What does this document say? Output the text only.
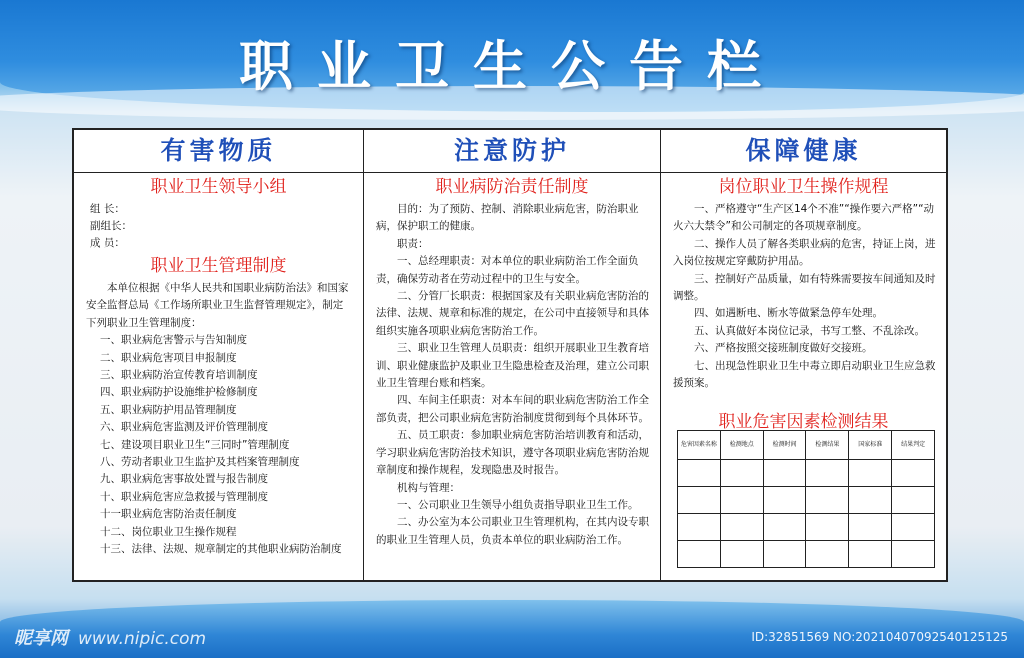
职业卫生公告栏
有害物质
职业卫生领导小组
组 长：
副组长：
成 员：
职业卫生管理制度

本单位根据《中华人民共和国职业病防治法》和国家安全监督总局《工作场所职业卫生监督管理规定》，制定下列职业卫生管理制度：

一、职业病危害警示与告知制度

二、职业病危害项目申报制度

三、职业病防治宣传教育培训制度

四、职业病防护设施维护检修制度

五、职业病防护用品管理制度

六、职业病危害监测及评价管理制度

七、建设项目职业卫生“三同时”管理制度

八、劳动者职业卫生监护及其档案管理制度

九、职业病危害事故处置与报告制度

十、职业病危害应急救援与管理制度

十一职业病危害防治责任制度

十二、岗位职业卫生操作规程

十三、法律、法规、规章制定的其他职业病防治制度

注意防护
职业病防治责任制度

目的：为了预防、控制、消除职业病危害，防治职业病，保护职工的健康。

职责：

一、总经理职责：对本单位的职业病防治工作全面负责，确保劳动者在劳动过程中的卫生与安全。

二、分管厂长职责：根据国家及有关职业病危害防治的法律、法规、规章和标准的规定，在公司中直接领导和具体组织实施各项职业病危害防治工作。

三、职业卫生管理人员职责：组织开展职业卫生教育培训、职业健康监护及职业卫生隐患检查及治理，建立公司职业卫生管理台账和档案。

四、车间主任职责：对本车间的职业病危害防治工作全部负责，把公司职业病危害防治制度贯彻到每个具体环节。

五、员工职责：参加职业病危害防治培训教育和活动，学习职业病危害防治技术知识，遵守各项职业病危害防治规章制度和操作规程，发现隐患及时报告。

机构与管理：

一、公司职业卫生领导小组负责指导职业卫生工作。

二、办公室为本公司职业卫生管理机构，在其内设专职的职业卫生管理人员，负责本单位的职业病防治工作。

保障健康
岗位职业卫生操作规程

一、严格遵守“生产区14个不准”“操作要六严格”“动火六大禁令”和公司制定的各项规章制度。

二、操作人员了解各类职业病的危害，持证上岗，进入岗位按规定穿戴防护用品。

三、控制好产品质量，如有特殊需要按车间通知及时调整。

四、如遇断电、断水等做紧急停车处理。

五、认真做好本岗位记录，书写工整、不乱涂改。

六、严格按照交接班制度做好交接班。

七、出现急性职业卫生中毒立即启动职业卫生应急救援预案。

职业危害因素检测结果
危害因素名称	检测地点	检测时间	检测结果	国家标准	结果判定

昵享网 www.nipic.com	ID:32851569 NO:20210407092540125125
